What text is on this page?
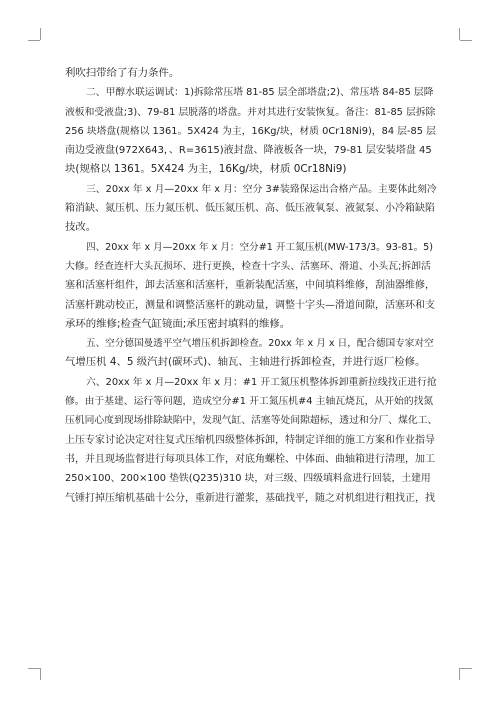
利吹扫带给了有力条件。
二、甲醇水联运调试：1)拆除常压塔 81-85 层全部塔盘;2)、常压塔 84-85 层降
液板和受液盘;3)、79-81 层脱落的塔盘。并对其进行安装恢复。备注：81-85 层拆除
256 块塔盘(规格以 1361。5X424 为主，16Kg/块，材质 0Cr18Ni9)，84 层-85 层
南边受液盘(972X643，、R=3615)液封盘、降液板各一块，79-81 层安装塔盘 45
块(规格以 1361。5X424 为主，16Kg/块，材质 0Cr18Ni9)
三、20xx 年 x 月—20xx 年 x 月：空分 3#装臵保运出合格产品。主要体此刻冷
箱消缺、氮压机、压力氮压机、低压氮压机、高、低压液氧泵、液氮泵、小冷箱缺陷
技改。
四、20xx 年 x 月—20xx 年 x 月：空分#1 开工氮压机(MW-173/3。93-81。5)
大修。经查连杆大头瓦损坏、进行更换，检查十字头、活塞环、滑道、小头瓦;拆卸活
塞和活塞杆组件，卸去活塞和活塞杆，重新装配活塞，中间填料维修，刮油器维修，
活塞杆跳动校正，测量和调整活塞杆的跳动量，调整十字头—滑道间隙，活塞环和支
承环的维修;检查气缸镜面;承压密封填料的维修。
五、空分德国曼透平空气增压机拆卸检查。20xx 年 x 月 x 日，配合德国专家对空
气增压机 4、5 级汽封(碳环式)、轴瓦、主轴进行拆卸检查，并进行返厂检修。
六、20xx 年 x 月—20xx 年 x 月：#1 开工氮压机整体拆卸重新拉线找正进行抢
修。由于基建、运行等问题，造成空分#1 开工氮压机#4 主轴瓦烧瓦，从开始的找氮
压机同心度到现场排除缺陷中，发现气缸、活塞等处间隙超标，透过和分厂、煤化工、
上压专家讨论决定对往复式压缩机四级整体拆卸，特制定详细的施工方案和作业指导
书，并且现场监督进行每项具体工作，对底角螺栓、中体面、曲轴箱进行清理，加工
250×100、200×100 垫铁(Q235)310 块，对三级、四级填料盒进行回装，土建用
气锤打掉压缩机基础十公分，重新进行灌浆，基础找平，随之对机组进行粗找正，找
